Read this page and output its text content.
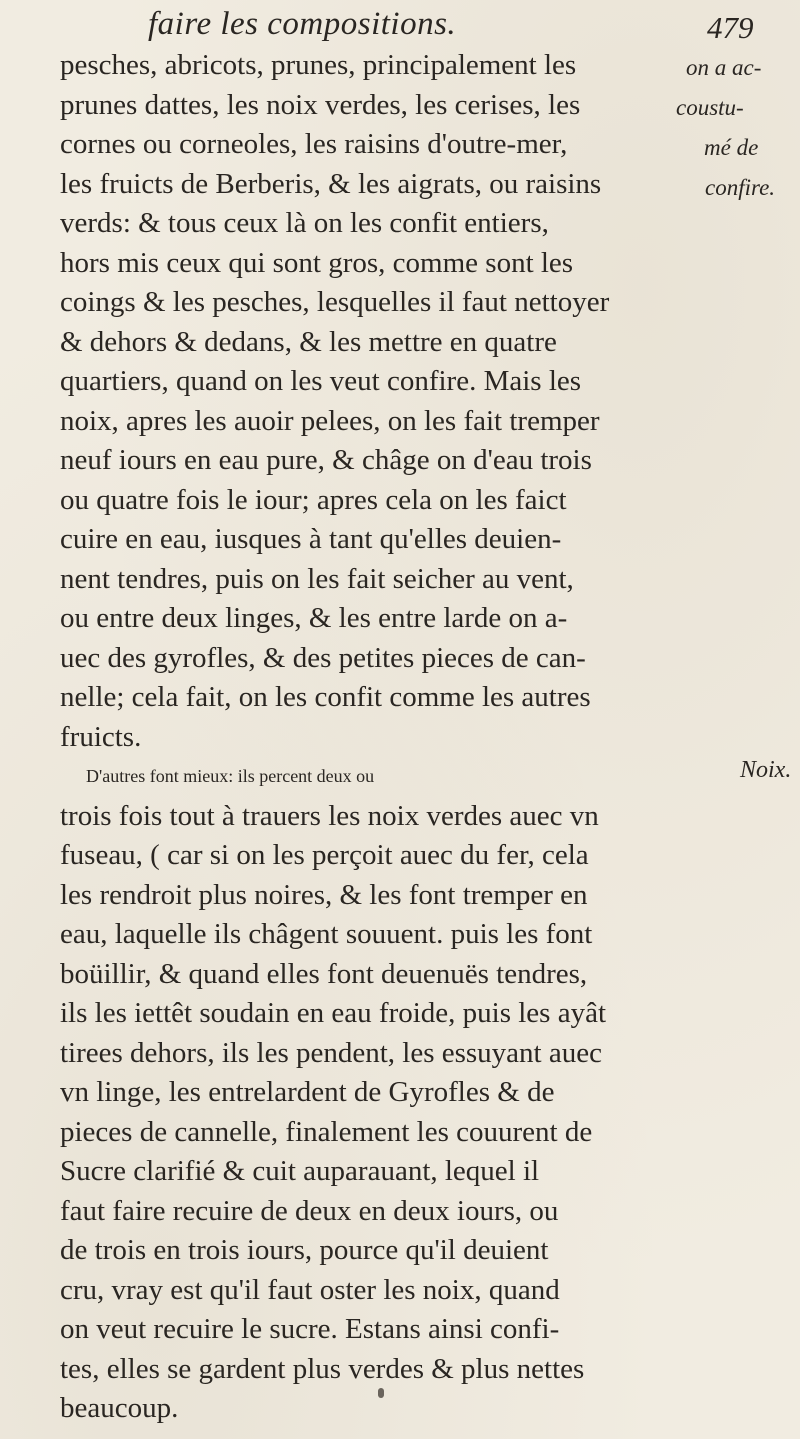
faire les compositions.	479
on a ac-
coustu-
mé de
confire.
Noix.
pesches, abricots, prunes, principalement les
prunes dattes, les noix verdes, les cerises, les
cornes ou corneoles, les raisins d'outre-mer,
les fruicts de Berberis, & les aigrats, ou raisins
verds: & tous ceux là on les confit entiers,
hors mis ceux qui sont gros, comme sont les
coings & les pesches, lesquelles il faut nettoyer
& dehors & dedans, & les mettre en quatre
quartiers, quand on les veut confire. Mais les
noix, apres les auoir pelees, on les fait tremper
neuf iours en eau pure, & châge on d'eau trois
ou quatre fois le iour; apres cela on les faict
cuire en eau, iusques à tant qu'elles deuien-
nent tendres, puis on les fait seicher au vent,
ou entre deux linges, & les entre larde on a-
uec des gyrofles, & des petites pieces de can-
nelle; cela fait, on les confit comme les autres
fruicts.
D'autres font mieux: ils percent deux ou
trois fois tout à trauers les noix verdes auec vn
fuseau, ( car si on les perçoit auec du fer, cela
les rendroit plus noires, & les font tremper en
eau, laquelle ils châgent souuent. puis les font
boüillir, & quand elles font deuenuës tendres,
ils les iettêt soudain en eau froide, puis les ayât
tirees dehors, ils les pendent, les essuyant auec
vn linge, les entrelardent de Gyrofles & de
pieces de cannelle, finalement les couurent de
Sucre clarifié & cuit auparauant, lequel il
faut faire recuire de deux en deux iours, ou
de trois en trois iours, pource qu'il deuient
cru, vray est qu'il faut oster les noix, quand
on veut recuire le sucre. Estans ainsi confi-
tes, elles se gardent plus verdes & plus nettes
beaucoup.
